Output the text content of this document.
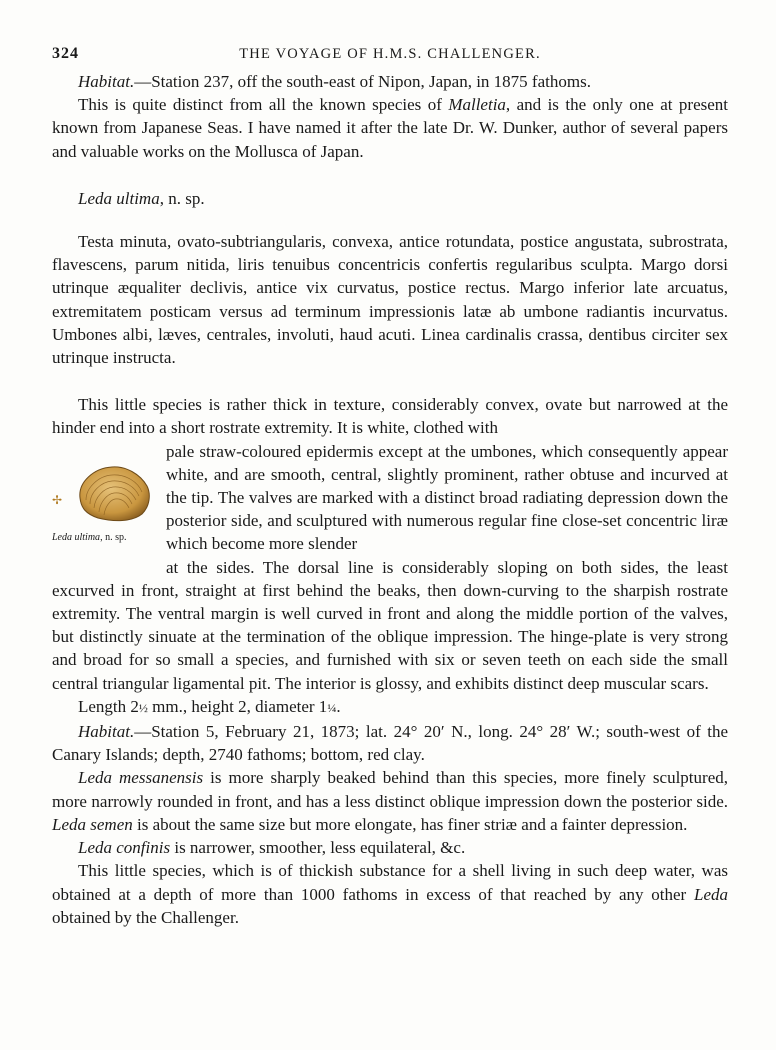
324	THE VOYAGE OF H.M.S. CHALLENGER.

Habitat.—Station 237, off the south-east of Nipon, Japan, in 1875 fathoms.

This is quite distinct from all the known species of Malletia, and is the only one at present known from Japanese Seas. I have named it after the late Dr. W. Dunker, author of several papers and valuable works on the Mollusca of Japan.

Leda ultima, n. sp.

Testa minuta, ovato-subtriangularis, convexa, antice rotundata, postice angustata, subrostrata, flavescens, parum nitida, liris tenuibus concentricis confertis regularibus sculpta. Margo dorsi utrinque æqualiter declivis, antice vix curvatus, postice rectus. Margo inferior late arcuatus, extremitatem posticam versus ad terminum impressionis latæ ab umbone radiantis incurvatus. Umbones albi, læves, centrales, involuti, haud acuti. Linea cardinalis crassa, dentibus circiter sex utrinque instructa.

This little species is rather thick in texture, considerably convex, ovate but narrowed at the hinder end into a short rostrate extremity. It is white, clothed with

✢
Leda ultima, n. sp.

pale straw-coloured epidermis except at the umbones, which consequently appear white, and are smooth, central, slightly prominent, rather obtuse and incurved at the tip. The valves are marked with a distinct broad radiating depression down the posterior side, and sculptured with numerous regular fine close-set concentric liræ which become more slender

at the sides. The dorsal line is considerably sloping on both sides, the least excurved in front, straight at first behind the beaks, then down-curving to the sharpish rostrate extremity. The ventral margin is well curved in front and along the middle portion of the valves, but distinctly sinuate at the termination of the oblique impression. The hinge-plate is very strong and broad for so small a species, and furnished with six or seven teeth on each side the small central triangular ligamental pit. The interior is glossy, and exhibits distinct deep muscular scars.

Length 2½ mm., height 2, diameter 1¼.

Habitat.—Station 5, February 21, 1873; lat. 24° 20′ N., long. 24° 28′ W.; south-west of the Canary Islands; depth, 2740 fathoms; bottom, red clay.

Leda messanensis is more sharply beaked behind than this species, more finely sculptured, more narrowly rounded in front, and has a less distinct oblique impression down the posterior side. Leda semen is about the same size but more elongate, has finer striæ and a fainter depression.

Leda confinis is narrower, smoother, less equilateral, &c.

This little species, which is of thickish substance for a shell living in such deep water, was obtained at a depth of more than 1000 fathoms in excess of that reached by any other Leda obtained by the Challenger.
